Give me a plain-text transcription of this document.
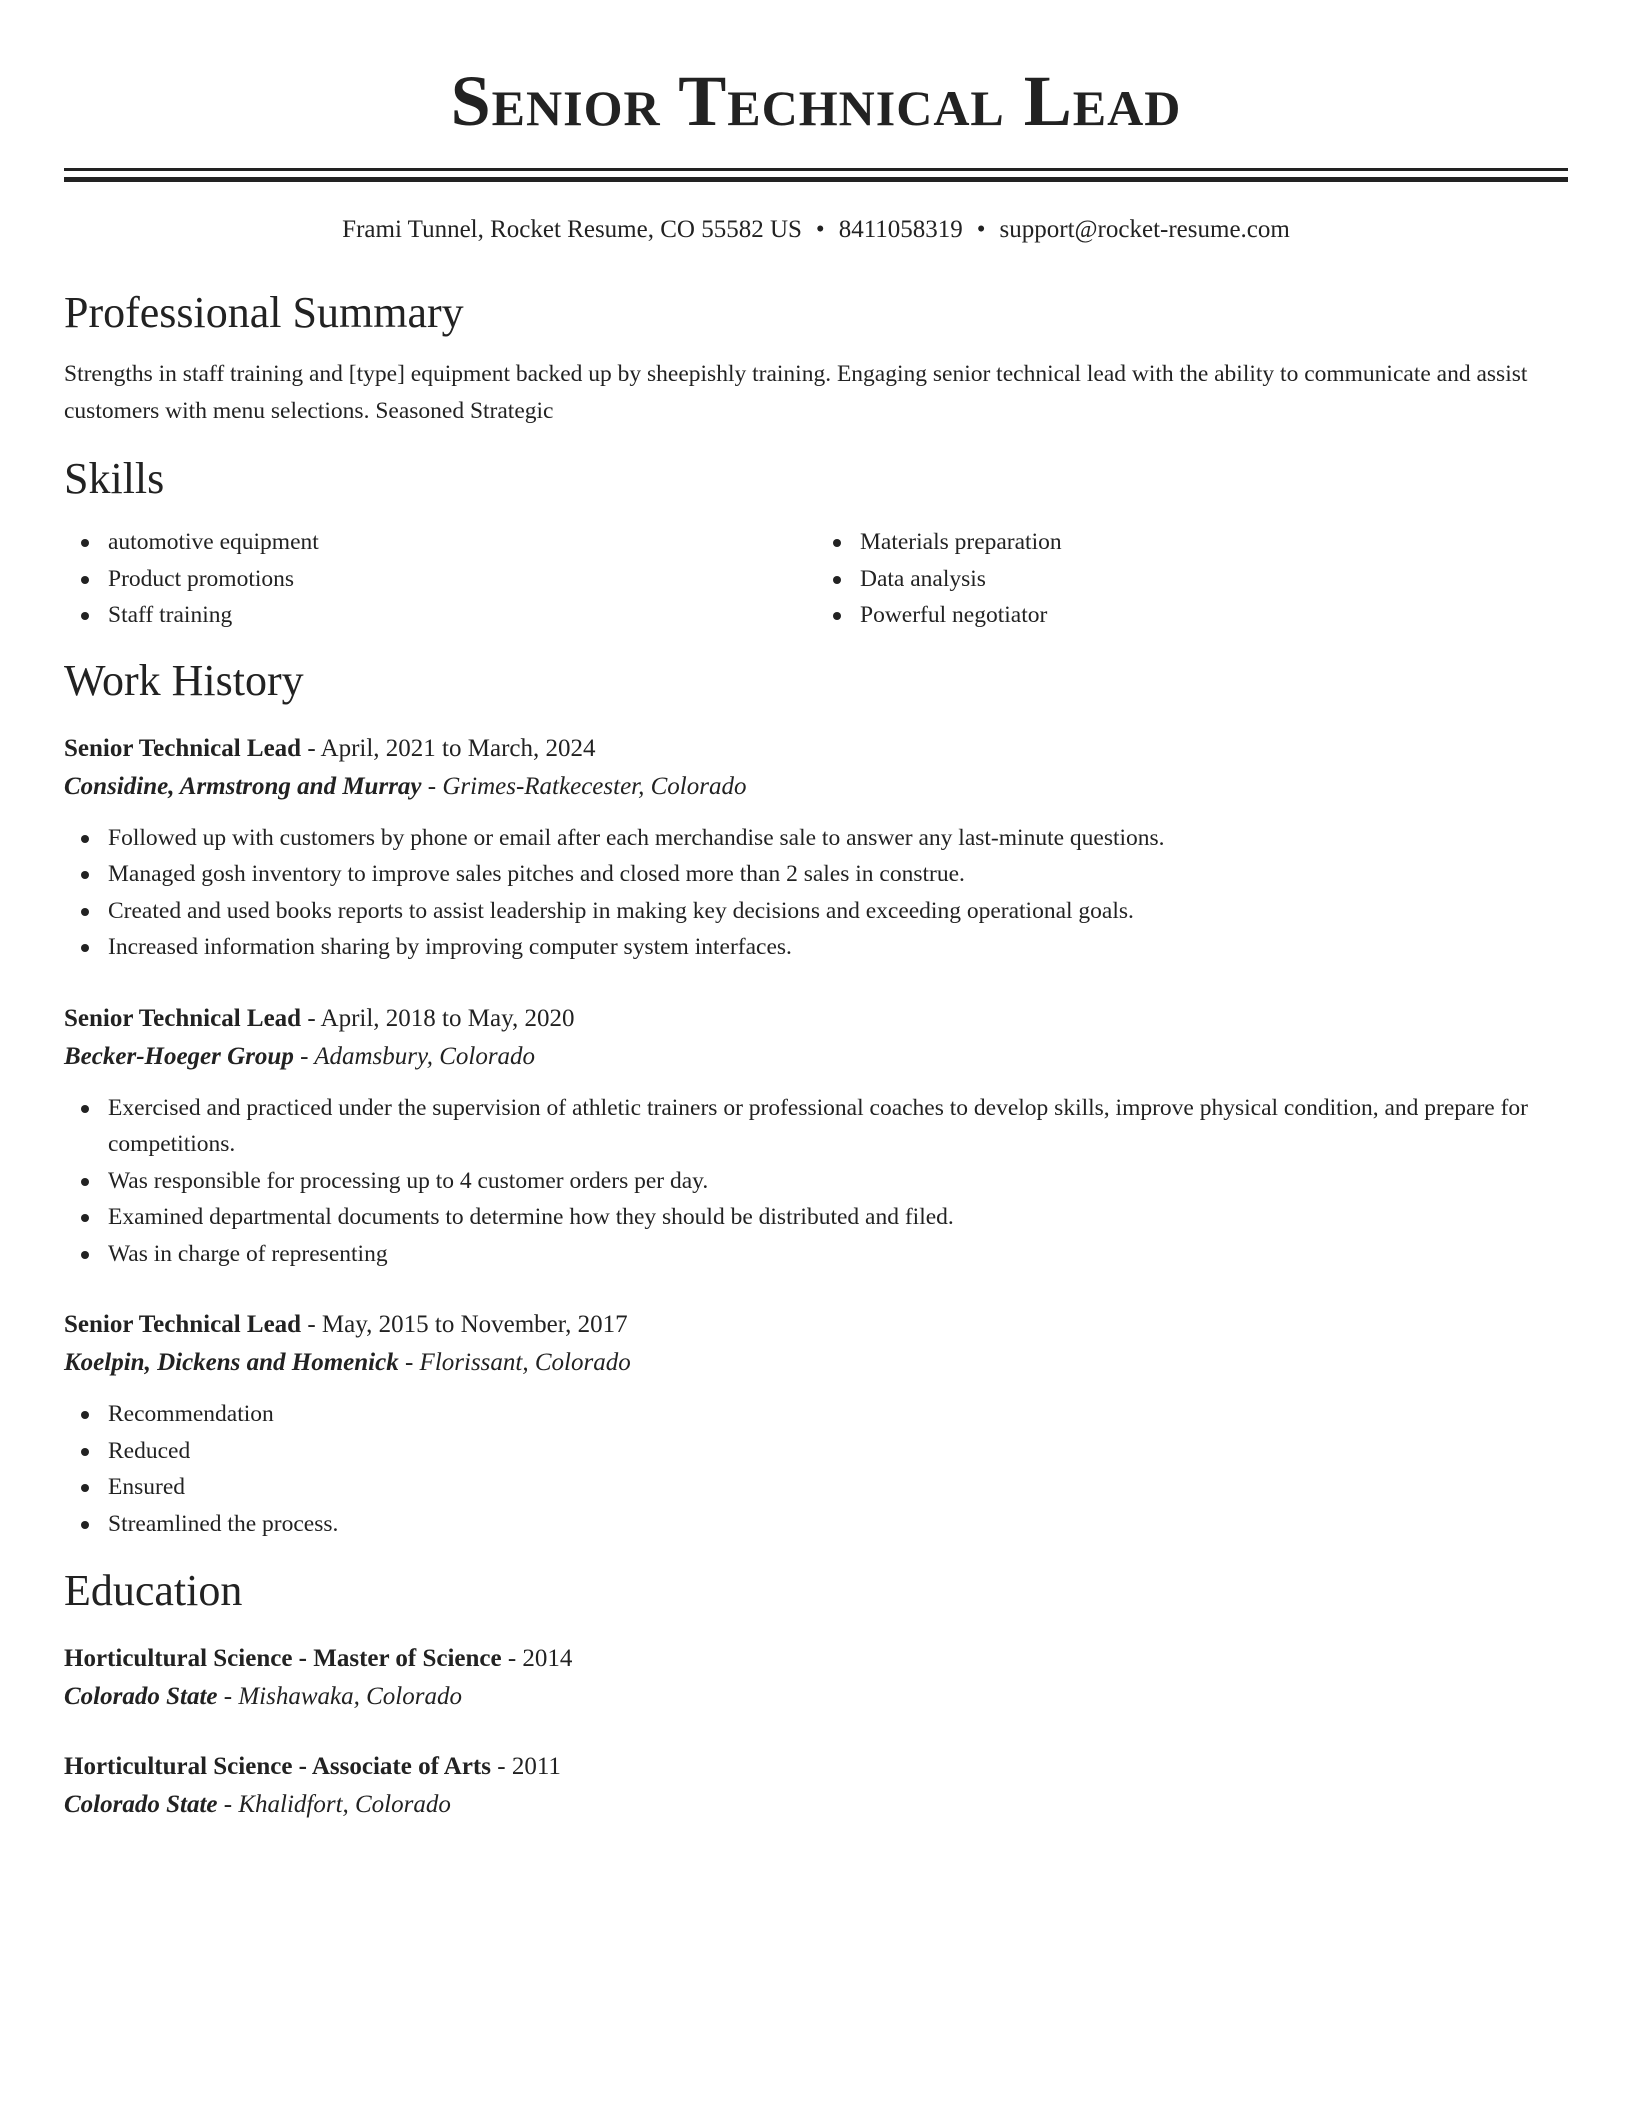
Senior Technical Lead
Frami Tunnel, Rocket Resume, CO 55582 US • 8411058319 • support@rocket-resume.com
Professional Summary

Strengths in staff training and [type] equipment backed up by sheepishly training. Engaging senior technical lead with the ability to communicate and assist customers with menu selections. Seasoned Strategic

Skills
automotive equipment
Product promotions
Staff training
Materials preparation
Data analysis
Powerful negotiator
Work History
Senior Technical Lead - April, 2021 to March, 2024
Considine, Armstrong and Murray - Grimes-Ratkecester, Colorado
Followed up with customers by phone or email after each merchandise sale to answer any last-minute questions.
Managed gosh inventory to improve sales pitches and closed more than 2 sales in construe.
Created and used books reports to assist leadership in making key decisions and exceeding operational goals.
Increased information sharing by improving computer system interfaces.
Senior Technical Lead - April, 2018 to May, 2020
Becker-Hoeger Group - Adamsbury, Colorado
Exercised and practiced under the supervision of athletic trainers or professional coaches to develop skills, improve physical condition, and prepare for competitions.
Was responsible for processing up to 4 customer orders per day.
Examined departmental documents to determine how they should be distributed and filed.
Was in charge of representing
Senior Technical Lead - May, 2015 to November, 2017
Koelpin, Dickens and Homenick - Florissant, Colorado
Recommendation
Reduced
Ensured
Streamlined the process.
Education
Horticultural Science - Master of Science - 2014
Colorado State - Mishawaka, Colorado
Horticultural Science - Associate of Arts - 2011
Colorado State - Khalidfort, Colorado
